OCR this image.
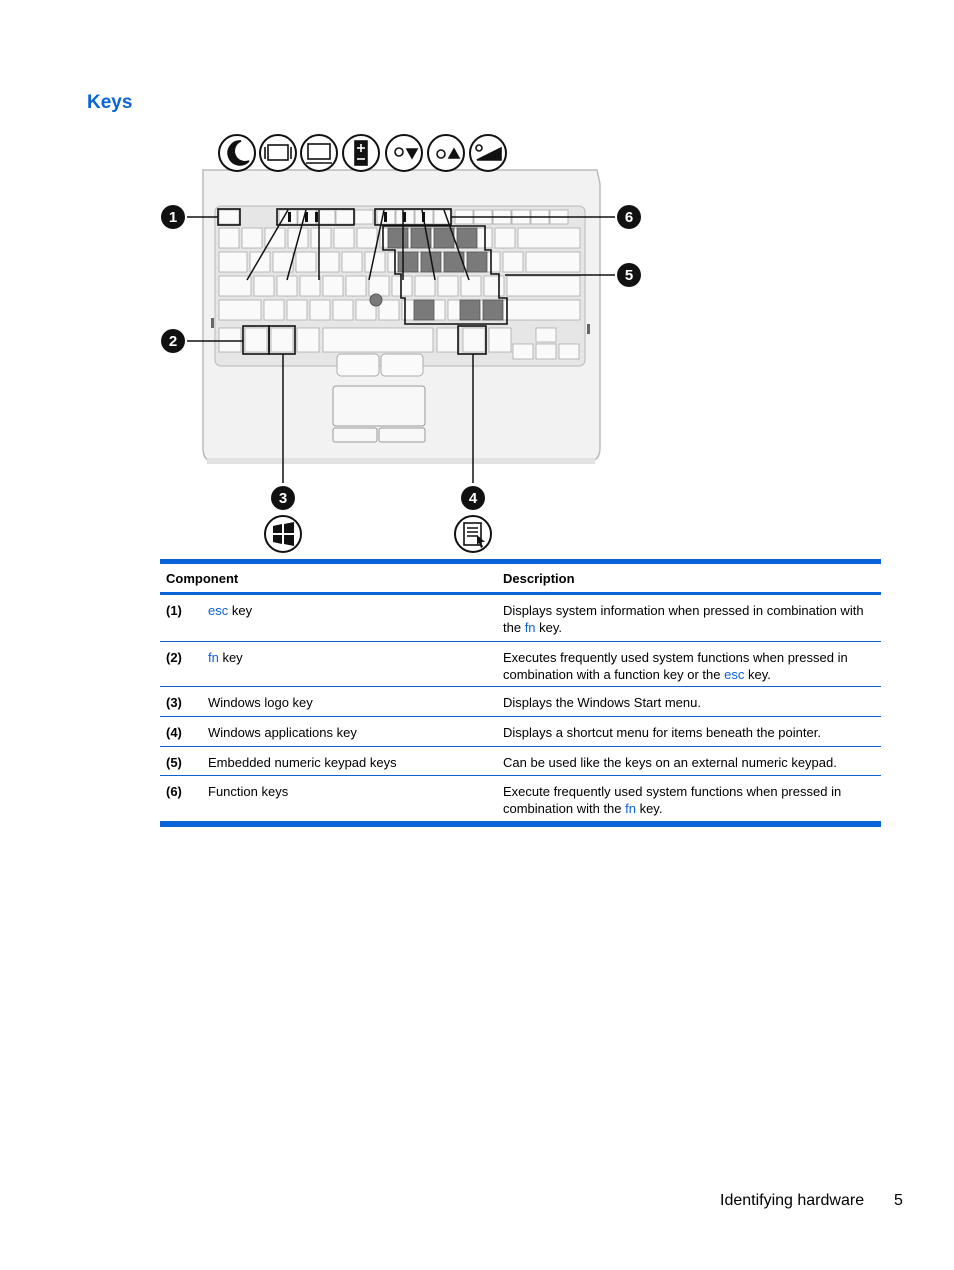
Keys
1
2
3	4
5
6
Component	Description
(1)	esc key	Displays system information when pressed in combination with the fn key.
(2)	fn key	Executes frequently used system functions when pressed in combination with a function key or the esc key.
(3)	Windows logo key	Displays the Windows Start menu.
(4)	Windows applications key	Displays a shortcut menu for items beneath the pointer.
(5)	Embedded numeric keypad keys	Can be used like the keys on an external numeric keypad.
(6)	Function keys	Execute frequently used system functions when pressed in combination with the fn key.
Identifying hardware 5
